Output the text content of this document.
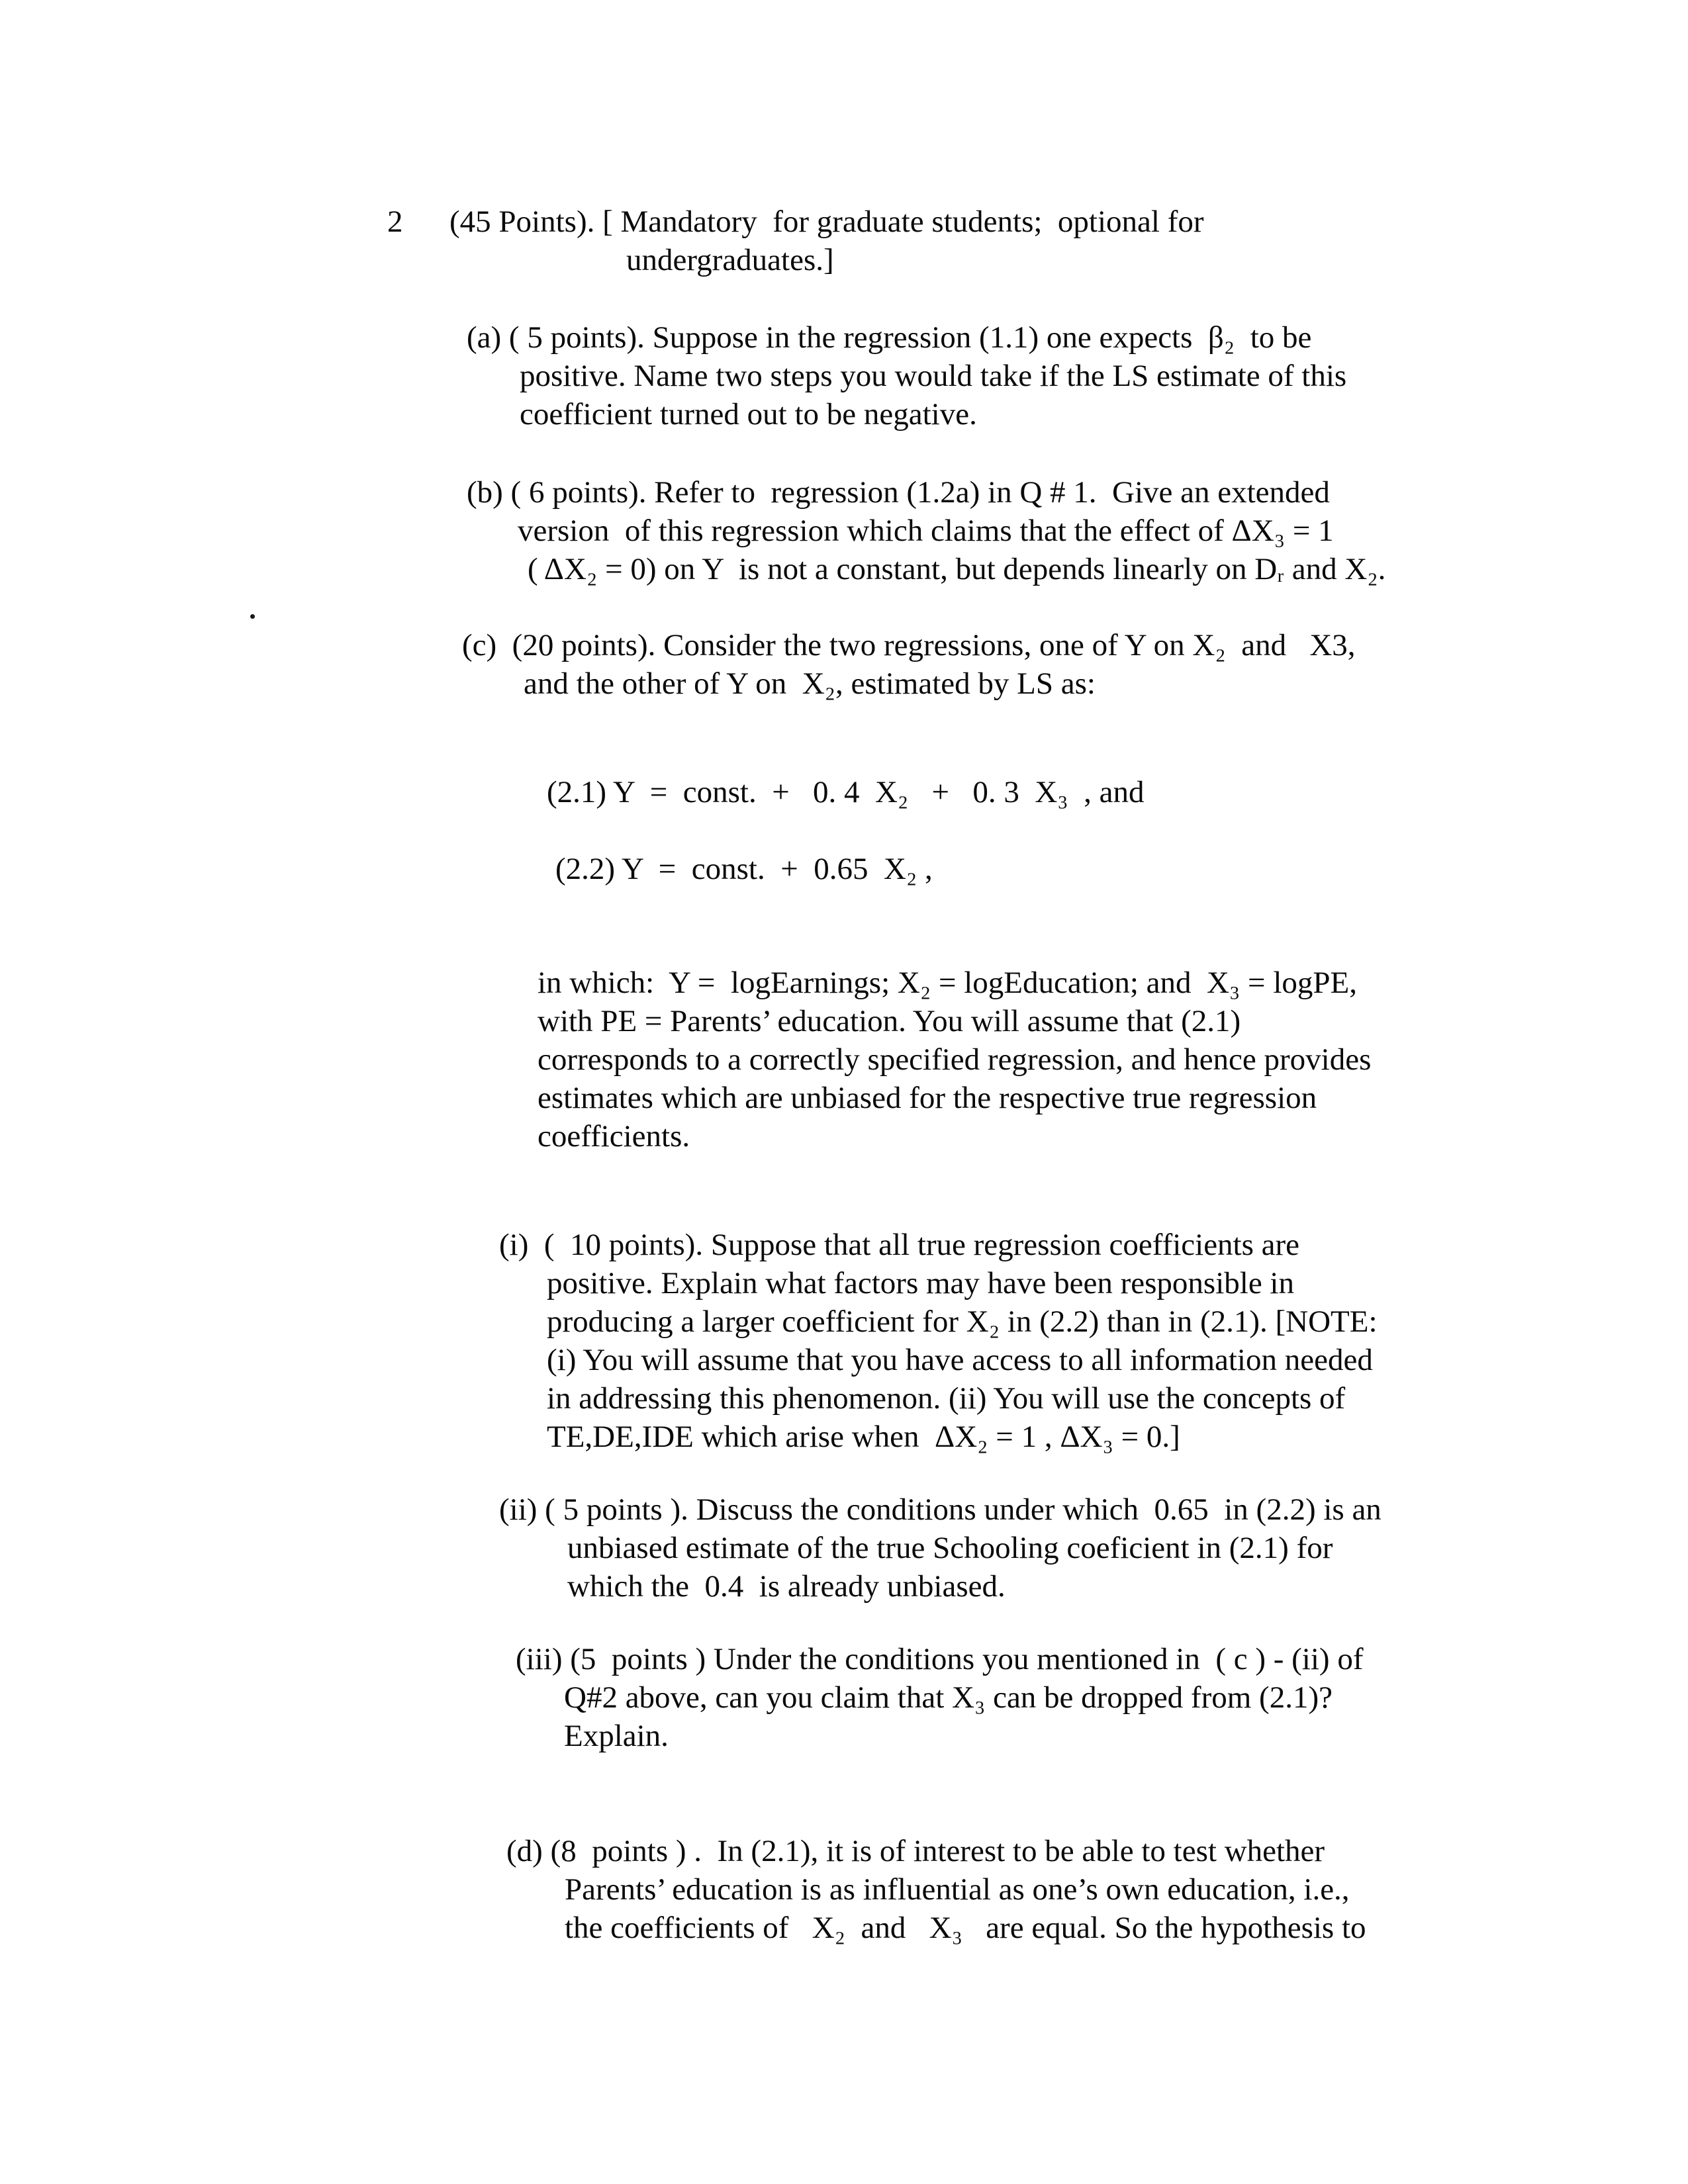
2      (45 Points). [ Mandatory  for graduate students;  optional for
undergraduates.]
(a) ( 5 points). Suppose in the regression (1.1) one expects  β₂  to be
positive. Name two steps you would take if the LS estimate of this
coefficient turned out to be negative.
(b) ( 6 points). Refer to  regression (1.2a) in Q # 1.  Give an extended
version  of this regression which claims that the effect of ΔX₃ = 1
( ΔX₂ = 0) on Y  is not a constant, but depends linearly on Dᵣ and X₂.
(c)  (20 points). Consider the two regressions, one of Y on X₂  and   X3,
and the other of Y on  X₂, estimated by LS as:
(2.1) Y  =  const.  +   0. 4  X₂   +   0. 3  X₃  , and
(2.2) Y  =  const.  +  0.65  X₂ ,
in which:  Y =  logEarnings; X₂ = logEducation; and  X₃ = logPE,
with PE = Parents’ education. You will assume that (2.1)
corresponds to a correctly specified regression, and hence provides
estimates which are unbiased for the respective true regression
coefficients.
(i)  (  10 points). Suppose that all true regression coefficients are
positive. Explain what factors may have been responsible in
producing a larger coefficient for X₂ in (2.2) than in (2.1). [NOTE:
(i) You will assume that you have access to all information needed
in addressing this phenomenon. (ii) You will use the concepts of
TE,DE,IDE which arise when  ΔX₂ = 1 , ΔX₃ = 0.]
(ii) ( 5 points ). Discuss the conditions under which  0.65  in (2.2) is an
unbiased estimate of the true Schooling coeficient in (2.1) for
which the  0.4  is already unbiased.
(iii) (5  points ) Under the conditions you mentioned in  ( c ) - (ii) of
Q#2 above, can you claim that X₃ can be dropped from (2.1)?
Explain.
(d) (8  points ) .  In (2.1), it is of interest to be able to test whether
Parents’ education is as influential as one’s own education, i.e.,
the coefficients of   X₂  and   X₃   are equal. So the hypothesis to
